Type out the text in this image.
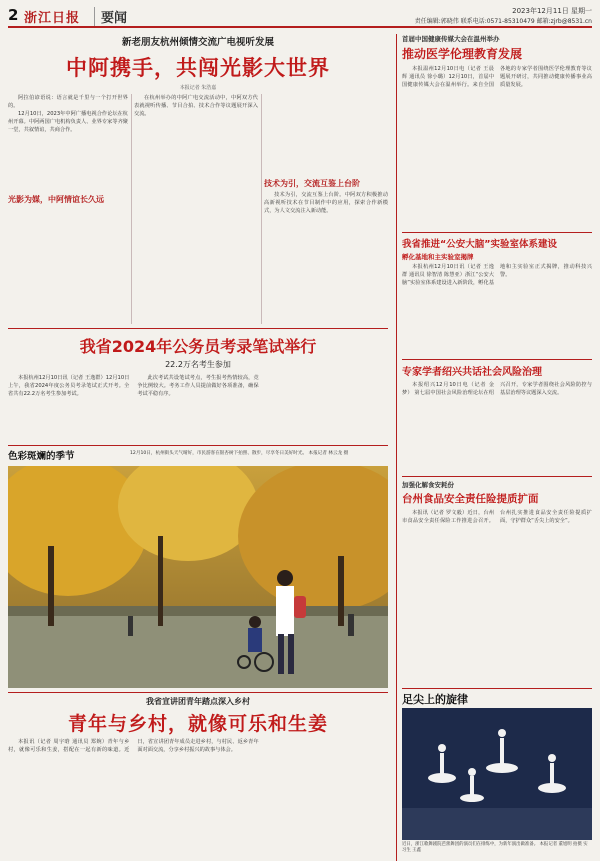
2 浙江日报	要闻	2023年12月11日 星期一
责任编辑:郭晓伟 联系电话:0571-85310479 邮箱:zjrb@8531.cn
新老朋友杭州倾情交流广电视听发展
中阿携手，共闯光影大世界
本报记者 朱浩嘉
阿拉伯谚语说：语言就是千里与一个打开世界的。
12月10日，2023年中阿广播电视合作论坛在杭州开幕。中阿两国广电机构负责人、业界专家等齐聚一堂，共叙情谊，共商合作。
光影为媒，中阿情谊长久远
在杭州举办的中阿广电交流活动中，中阿双方代表就视听传播、节目合拍、技术合作等议题展开深入交流。
技术为引，交流互鉴上台阶
技术为引，交流互鉴上台阶。中阿双方积极推动高新视听技术在节目制作中的应用，探索合作新模式，为人文交流注入新动能。
我省2024年公务员考录笔试举行
22.2万名考生参加
本报杭州12月10日讯（记者 王逸群）12月10日上午，我省2024年度公务员考录笔试正式开考。全省共有22.2万名考生参加考试。
此次考试共设笔试考点，考生报考热情较高，竞争比例较大。考务工作人员提前做好各项准备，确保考试平稳有序。
色彩斑斓的季节	12月10日，杭州街头天气晴好，市民游客在银杏树下拍照、散步，尽享冬日美好时光。 本报记者 林云龙 摄
我省宣讲团青年踏点深入乡村
青年与乡村，就像可乐和生姜
本报讯（记者 周宇晗 通讯员 郑婉）青年与乡村，就像可乐和生姜，搭配在一起有新的味道。近日，省宣讲团青年成员走进乡村，与村民、返乡青年面对面交流，分享乡村振兴的故事与体会。
首届中国健康传媒大会在温州举办
推动医学伦理教育发展
本报温州12月10日电（记者 王晨辉 通讯员 徐小璐）12月10日，首届中国健康传媒大会在温州举行。来自全国各地的专家学者围绕医学伦理教育等议题展开研讨，共同推动健康传播事业高质量发展。
我省推进“公安大脑”实验室体系建设
孵化基地和主实验室揭牌
本报杭州12月10日讯（记者 王逸群 通讯员 徐智清 陈慧亚）浙江“公安大脑”实验室体系建设进入新阶段，孵化基地和主实验室正式揭牌，推动科技兴警。
专家学者绍兴共话社会风险治理
本报绍兴12月10日电（记者 金梦） 第七届中国社会风险治理论坛在绍兴召开，专家学者围绕社会风险防控与基层治理等议题深入交流。
加强化解食安耗份
台州食品安全责任险提质扩面
本报讯（记者 罗文毅）近日，台州市食品安全责任保险工作推进会召开。台州扎实推进食品安全责任险提质扩面，守护群众“舌尖上的安全”。
足尖上的旋律
近日，浙江歌舞剧院芭蕾舞团的演员们在排练中，为新年演出做准备。 本报记者 董旭明 拍摄 实习生 王鑫
